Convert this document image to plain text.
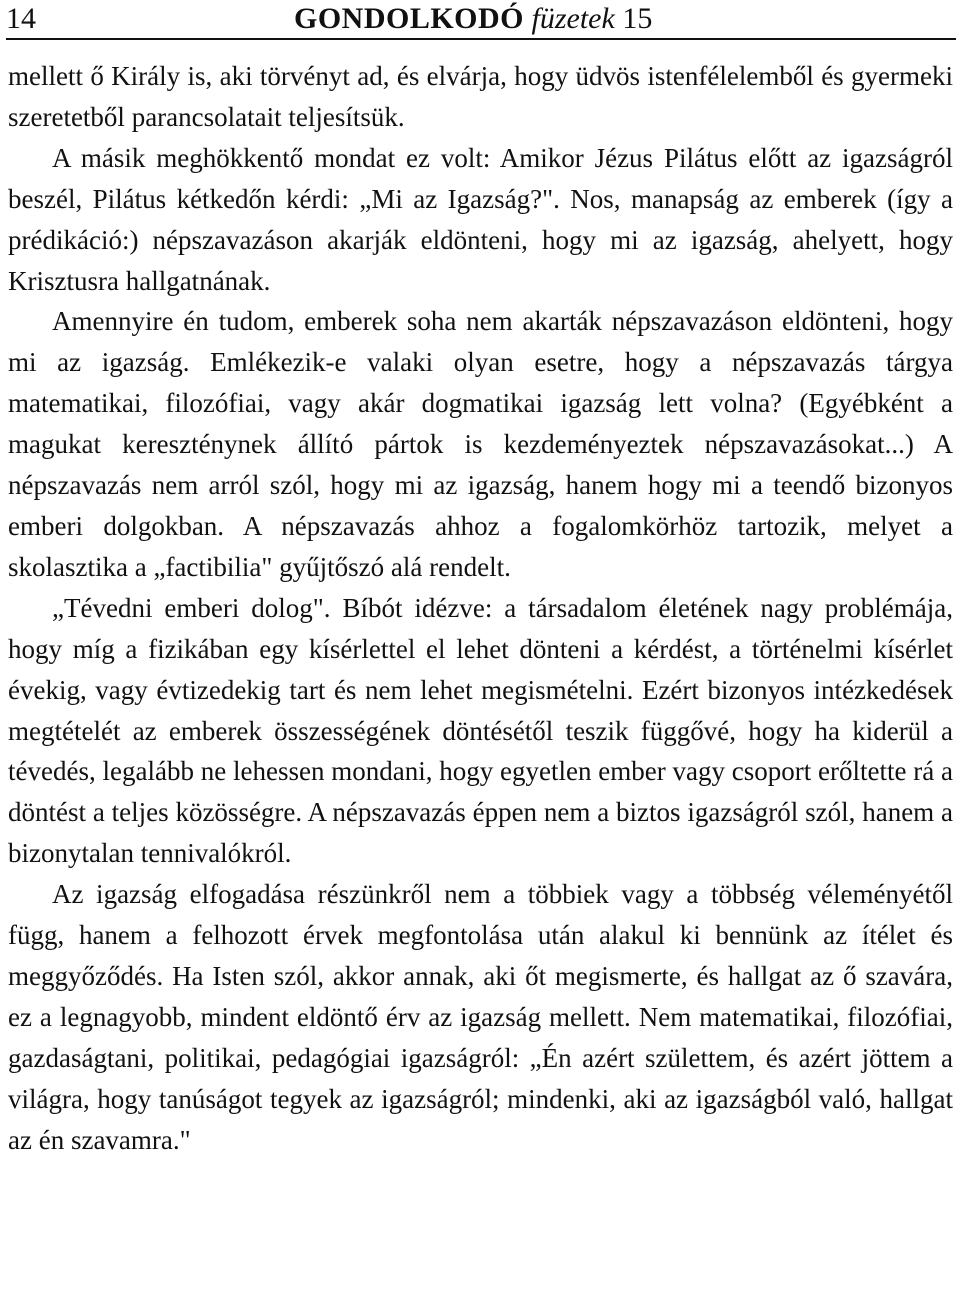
14	GONDOLKODÓ füzetek 15

mellett ő Király is, aki törvényt ad, és elvárja, hogy üdvös istenfélelemből és gyermeki szeretetből parancsolatait teljesítsük.

A másik meghökkentő mondat ez volt: Amikor Jézus Pilátus előtt az igazságról beszél, Pilátus kétkedőn kérdi: „Mi az Igazság?". Nos, manapság az emberek (így a prédikáció:) népszavazáson akarják eldönteni, hogy mi az igazság, ahelyett, hogy Krisztusra hallgatnának.

Amennyire én tudom, emberek soha nem akarták népszavazáson eldönteni, hogy mi az igazság. Emlékezik-e valaki olyan esetre, hogy a népszavazás tárgya matematikai, filozófiai, vagy akár dogmatikai igazság lett volna? (Egyébként a magukat kereszténynek állító pártok is kezdeményeztek népszavazásokat...) A népszavazás nem arról szól, hogy mi az igazság, hanem hogy mi a teendő bizonyos emberi dolgokban. A népszavazás ahhoz a fogalomkörhöz tartozik, melyet a skolasztika a „factibilia" gyűjtőszó alá rendelt.

„Tévedni emberi dolog". Bíbót idézve: a társadalom életének nagy problémája, hogy míg a fizikában egy kísérlettel el lehet dönteni a kérdést, a történelmi kísérlet évekig, vagy évtizedekig tart és nem lehet megismételni. Ezért bizonyos intézkedések megtételét az emberek összességének döntésétől teszik függővé, hogy ha kiderül a tévedés, legalább ne lehessen mondani, hogy egyetlen ember vagy csoport erőltette rá a döntést a teljes közösségre. A népszavazás éppen nem a biztos igazságról szól, hanem a bizonytalan tennivalókról.

Az igazság elfogadása részünkről nem a többiek vagy a többség véleményétől függ, hanem a felhozott érvek megfontolása után alakul ki bennünk az ítélet és meggyőződés. Ha Isten szól, akkor annak, aki őt megismerte, és hallgat az ő szavára, ez a legnagyobb, mindent eldöntő érv az igazság mellett. Nem matematikai, filozófiai, gazdaságtani, politikai, pedagógiai igazságról: „Én azért születtem, és azért jöttem a világra, hogy tanúságot tegyek az igazságról; mindenki, aki az igazságból való, hallgat az én szavamra."
